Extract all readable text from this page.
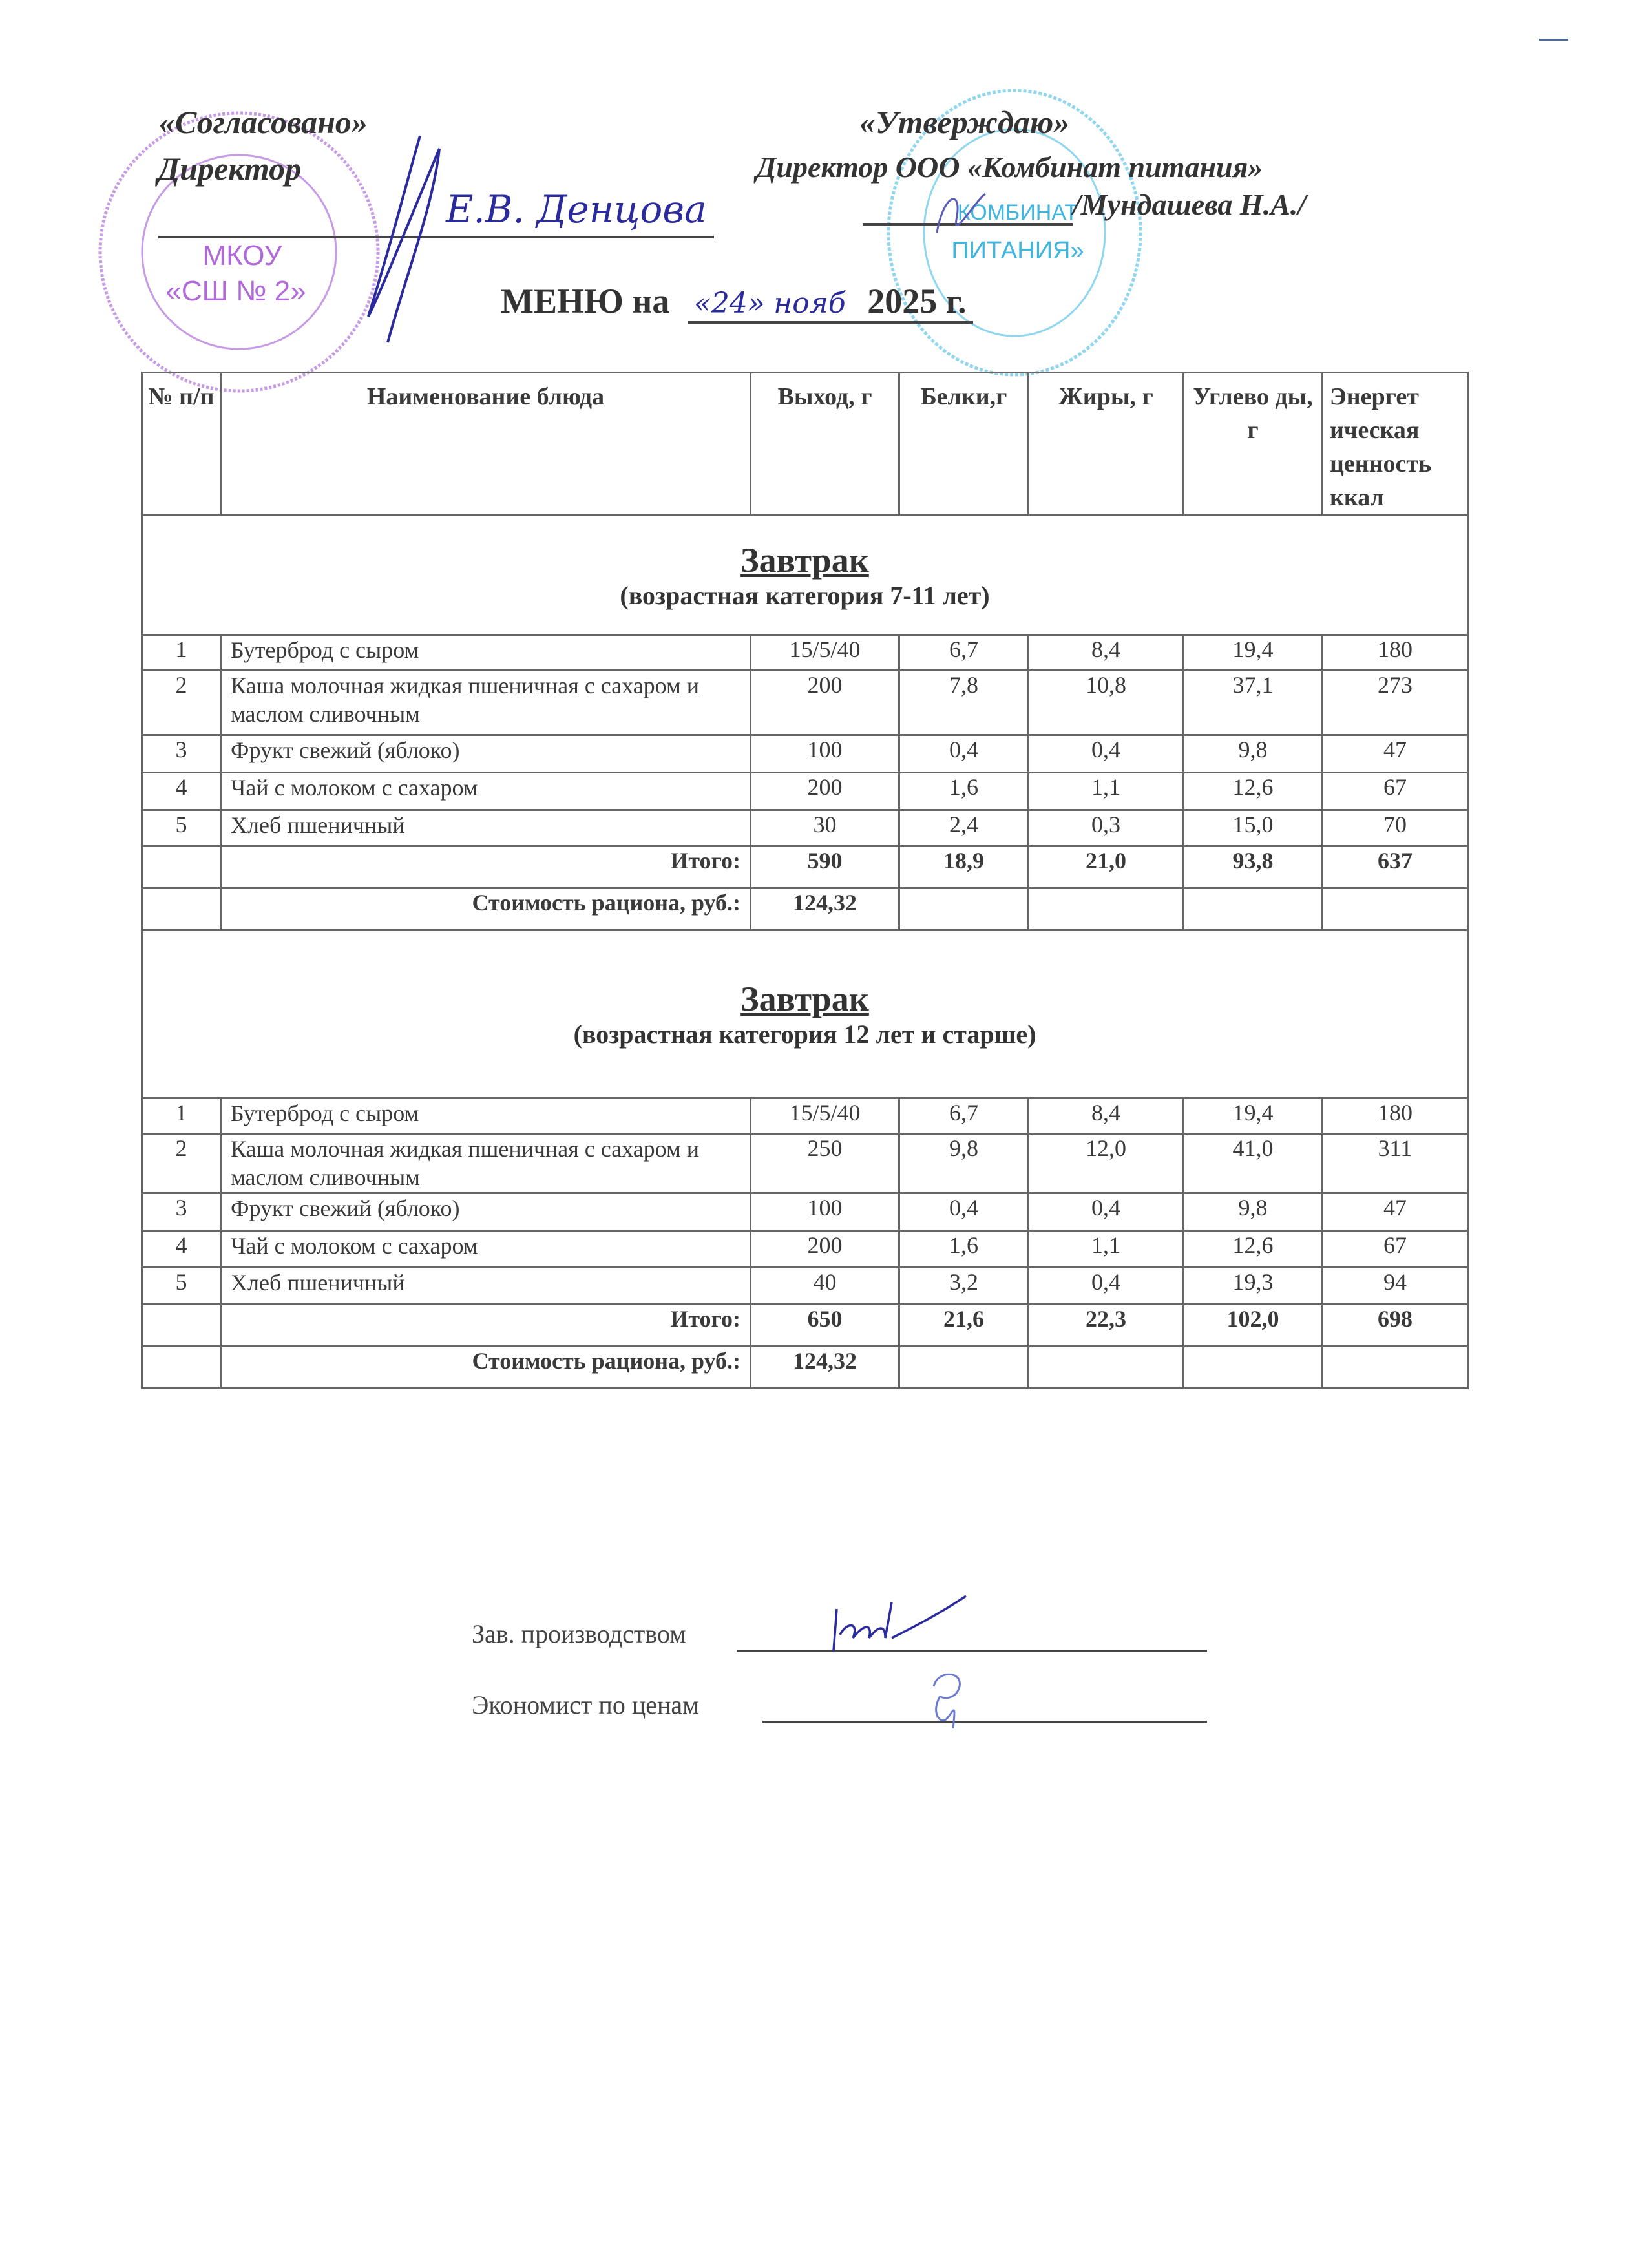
МКОУ
«СШ № 2»
КОМБИНАТ
ПИТАНИЯ»
«Согласовано»
Директор
Е.В. Денцова
«Утверждаю»
Директор ООО «Комбинат питания»
/Мундашева Н.А./
МЕНЮ на «24» нояб 2025 г.
№ п/п	Наименование блюда	Выход, г	Белки,г	Жиры, г	Углево ды, г	Энергет ическая ценность ккал

Завтрак
(возрастная категория 7-11 лет)						

1	Бутерброд с сыром	15/5/40	6,7	8,4	19,4	180
2	Каша молочная жидкая пшеничная с сахаром и маслом сливочным	200	7,8	10,8	37,1	273
3	Фрукт свежий (яблоко)	100	0,4	0,4	9,8	47
4	Чай с молоком с сахаром	200	1,6	1,1	12,6	67
5	Хлеб пшеничный	30	2,4	0,3	15,0	70
	Итого:	590	18,9	21,0	93,8	637
	Стоимость рациона, руб.:	124,32				

Завтрак
(возрастная категория 12 лет и старше)						

1	Бутерброд с сыром	15/5/40	6,7	8,4	19,4	180
2	Каша молочная жидкая пшеничная с сахаром и маслом сливочным	250	9,8	12,0	41,0	311
3	Фрукт свежий (яблоко)	100	0,4	0,4	9,8	47
4	Чай с молоком с сахаром	200	1,6	1,1	12,6	67
5	Хлеб пшеничный	40	3,2	0,4	19,3	94
	Итого:	650	21,6	22,3	102,0	698
	Стоимость рациона, руб.:	124,32				
Зав. производством
Экономист по ценам
